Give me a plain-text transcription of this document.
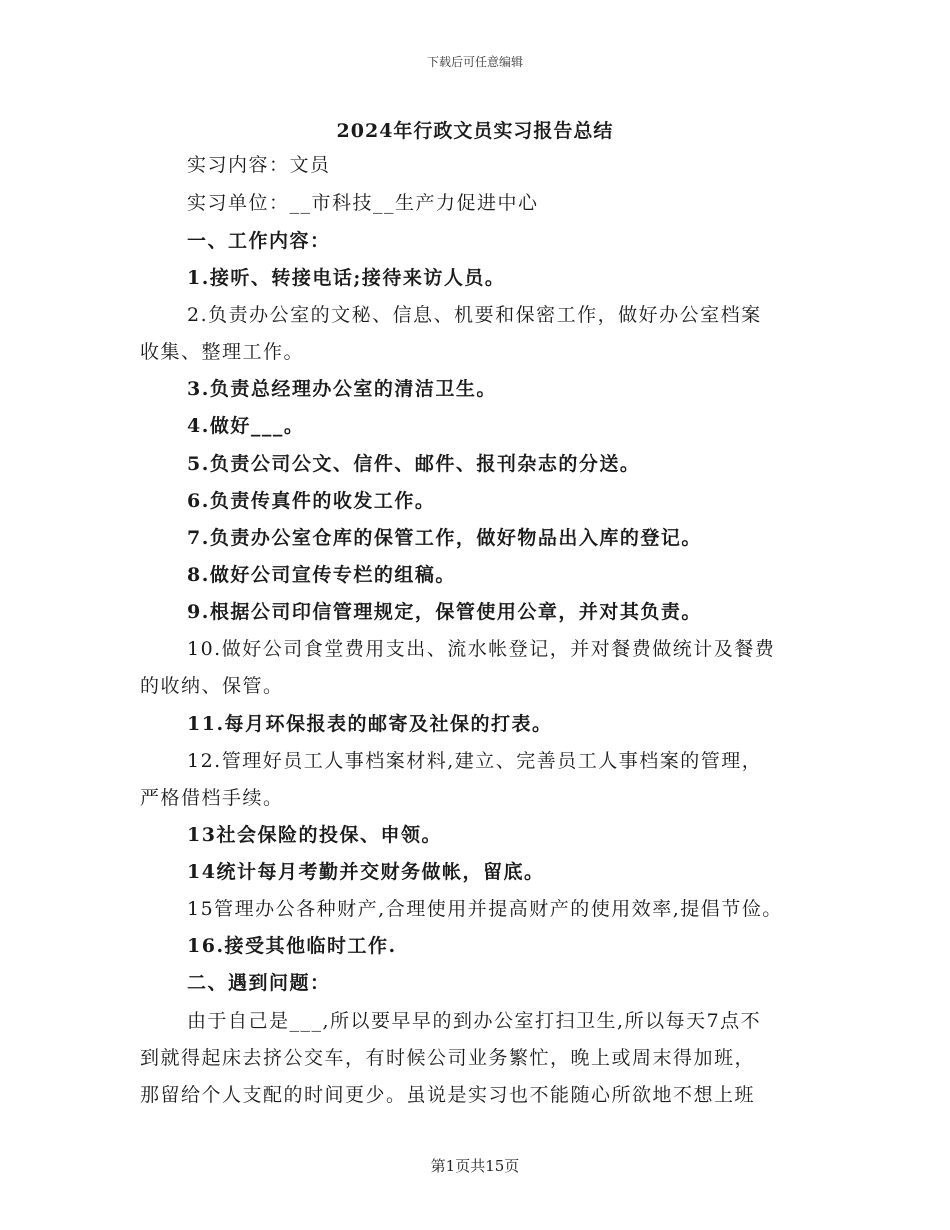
下载后可任意编辑
2024年行政文员实习报告总结
实习内容：文员
实习单位：__市科技__生产力促进中心
一、工作内容：
1.接听、转接电话;接待来访人员。
2.负责办公室的文秘、信息、机要和保密工作，做好办公室档案
收集、整理工作。
3.负责总经理办公室的清洁卫生。
4.做好___。
5.负责公司公文、信件、邮件、报刊杂志的分送。
6.负责传真件的收发工作。
7.负责办公室仓库的保管工作，做好物品出入库的登记。
8.做好公司宣传专栏的组稿。
9.根据公司印信管理规定，保管使用公章，并对其负责。
10.做好公司食堂费用支出、流水帐登记，并对餐费做统计及餐费
的收纳、保管。
11.每月环保报表的邮寄及社保的打表。
12.管理好员工人事档案材料,建立、完善员工人事档案的管理，
严格借档手续。
13社会保险的投保、申领。
14统计每月考勤并交财务做帐，留底。
15管理办公各种财产,合理使用并提高财产的使用效率,提倡节俭。
16.接受其他临时工作.
二、遇到问题：
由于自己是___,所以要早早的到办公室打扫卫生,所以每天7点不
到就得起床去挤公交车，有时候公司业务繁忙，晚上或周末得加班，
那留给个人支配的时间更少。虽说是实习也不能随心所欲地不想上班
第1页共15页
